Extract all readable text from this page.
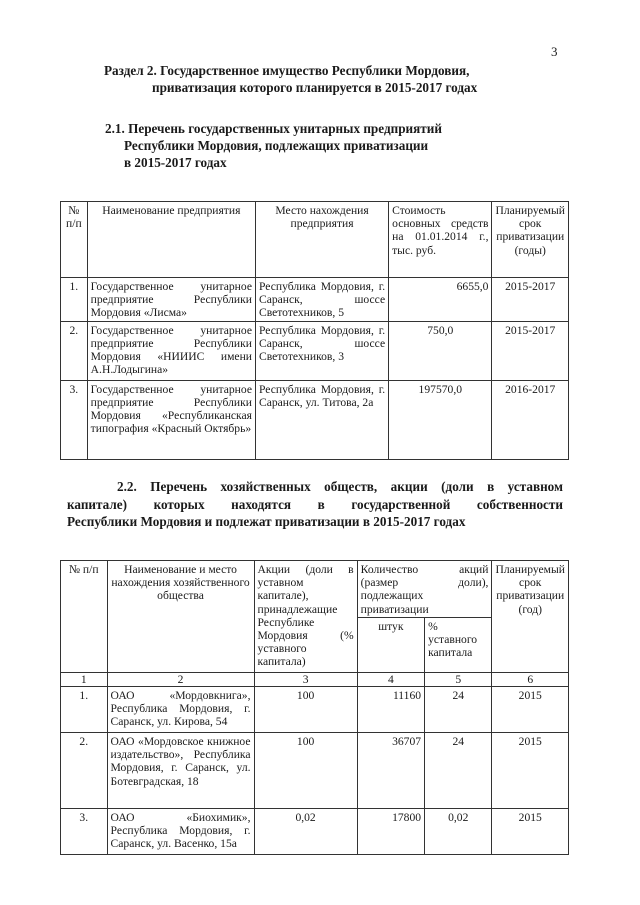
3
Раздел 2. Государственное имущество Республики Мордовия,
приватизация которого планируется в 2015-2017 годах
2.1. Перечень государственных унитарных предприятий
Республики Мордовия, подлежащих приватизации
в 2015-2017 годах
№ п/п	Наименование предприятия	Место нахождения предприятия	Стоимость основных средств на 01.01.2014 г., тыс. руб.	Планируемый срок приватизации (годы)
1.	Государственное унитарное предприятие Республики Мордовия «Лисма»	Республика Мордовия, г. Саранск, шоссе Светотехников, 5	6655,0	2015-2017
2.	Государственное унитарное предприятие Республики Мордовия «НИИИС имени А.Н.Лодыгина»	Республика Мордовия, г. Саранск, шоссе Светотехников, 3	750,0	2015-2017
3.	Государственное унитарное предприятие Республики Мордовия «Республиканская типография «Красный Октябрь»	Республика Мордовия, г. Саранск, ул. Титова, 2а	197570,0	2016-2017
2.2. Перечень хозяйственных обществ, акции (доли в уставном
капитале) которых находятся в государственной собственности
Республики Мордовия и подлежат приватизации в 2015-2017 годах
№ п/п	Наименование и место нахождения хозяйственного общества	Акции (доли в уставном капитале), принадлежащие Республике Мордовия (% уставного капитала)	Количество акций (размер доли), подлежащих приватизации		Планируемый срок приватизации (год)
			штук	% уставного капитала	
1	2	3	4	5	6
1.	ОАО «Мордовкнига», Республика Мордовия, г. Саранск, ул. Кирова, 54	100	11160	24	2015
2.	ОАО «Мордовское книжное издательство», Республика Мордовия, г. Саранск, ул. Ботевградская, 18	100	36707	24	2015
3.	ОАО «Биохимик», Республика Мордовия, г. Саранск, ул. Васенко, 15а	0,02	17800	0,02	2015
